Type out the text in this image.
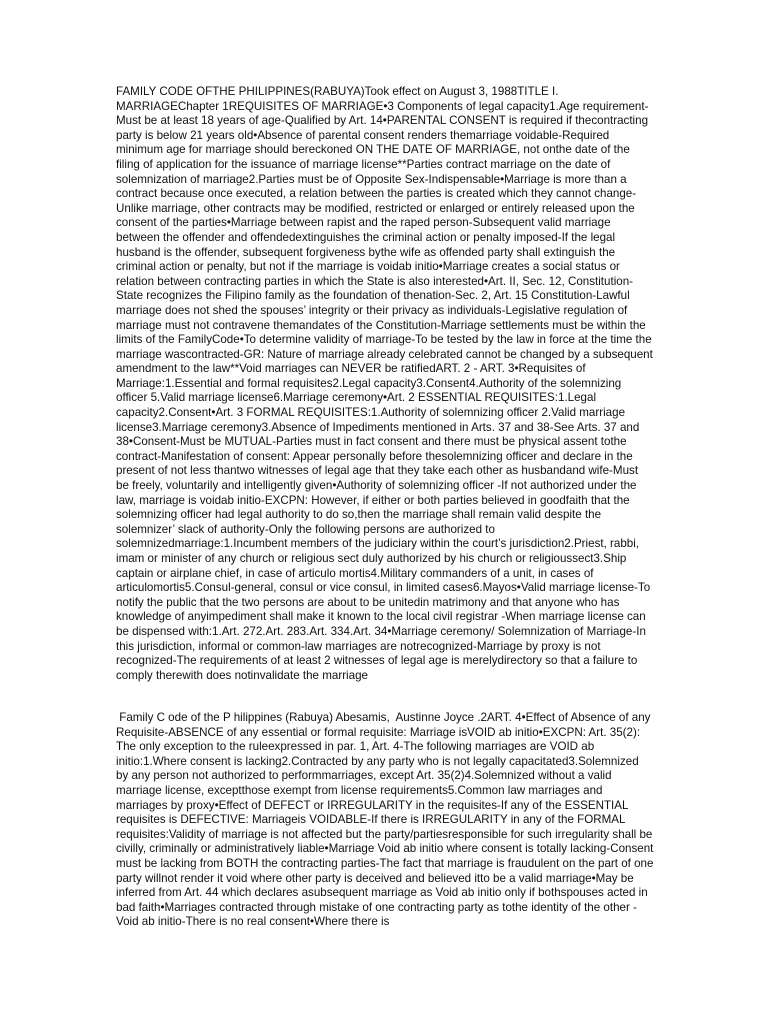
FAMILY CODE OFTHE PHILIPPINES(RABUYA)Took effect on August 3, 1988TITLE I. MARRIAGEChapter 1REQUISITES OF MARRIAGE•3 Components of legal capacity1.Age requirement-Must be at least 18 years of age-Qualified by Art. 14•PARENTAL CONSENT is required if thecontracting party is below 21 years old•Absence of parental consent renders themarriage voidable-Required minimum age for marriage should bereckoned ON THE DATE OF MARRIAGE, not onthe date of the filing of application for the issuance of marriage license**Parties contract marriage on the date of solemnization of marriage2.Parties must be of Opposite Sex-Indispensable•Marriage is more than a contract because once executed, a relation between the parties is created which they cannot change-Unlike marriage, other contracts may be modified, restricted or enlarged or entirely released upon the consent of the parties•Marriage between rapist and the raped person-Subsequent valid marriage between the offender and offendedextinguishes the criminal action or penalty imposed-If the legal husband is the offender, subsequent forgiveness bythe wife as offended party shall extinguish the criminal action or penalty, but not if the marriage is voidab initio•Marriage creates a social status or relation between contracting parties in which the State is also interested•Art. II, Sec. 12, Constitution-State recognizes the Filipino family as the foundation of thenation-Sec. 2, Art. 15 Constitution-Lawful marriage does not shed the spouses’ integrity or their privacy as individuals-Legislative regulation of marriage must not contravene themandates of the Constitution-Marriage settlements must be within the limits of the FamilyCode•To determine validity of marriage-To be tested by the law in force at the time the marriage wascontracted-GR: Nature of marriage already celebrated cannot be changed by a subsequent amendment to the law**Void marriages can NEVER be ratifiedART. 2 - ART. 3•Requisites of Marriage:1.Essential and formal requisites2.Legal capacity3.Consent4.Authority of the solemnizing officer 5.Valid marriage license6.Marriage ceremony•Art. 2 ESSENTIAL REQUISITES:1.Legal capacity2.Consent•Art. 3 FORMAL REQUISITES:1.Authority of solemnizing officer 2.Valid marriage license3.Marriage ceremony3.Absence of Impediments mentioned in Arts. 37 and 38-See Arts. 37 and 38•Consent-Must be MUTUAL-Parties must in fact consent and there must be physical assent tothe contract-Manifestation of consent: Appear personally before thesolemnizing officer and declare in the present of not less thantwo witnesses of legal age that they take each other as husbandand wife-Must be freely, voluntarily and intelligently given•Authority of solemnizing officer -If not authorized under the law, marriage is voidab initio-EXCPN: However, if either or both parties believed in goodfaith that the solemnizing officer had legal authority to do so,then the marriage shall remain valid despite the solemnizer’ slack of authority-Only the following persons are authorized to solemnizedmarriage:1.Incumbent members of the judiciary within the court’s jurisdiction2.Priest, rabbi, imam or minister of any church or religious sect duly authorized by his church or religioussect3.Ship captain or airplane chief, in case of articulo mortis4.Military commanders of a unit, in cases of articulomortis5.Consul-general, consul or vice consul, in limited cases6.Mayos•Valid marriage license-To notify the public that the two persons are about to be unitedin matrimony and that anyone who has knowledge of anyimpediment shall make it known to the local civil registrar -When marriage license can be dispensed with:1.Art. 272.Art. 283.Art. 334.Art. 34•Marriage ceremony/ Solemnization of Marriage-In this jurisdiction, informal or common-law marriages are notrecognized-Marriage by proxy is not recognized-The requirements of at least 2 witnesses of legal age is merelydirectory so that a failure to comply therewith does notinvalidate the marriage

Family C ode of the P hilippines (Rabuya) Abesamis,  Austinne Joyce .2ART. 4•Effect of Absence of any Requisite-ABSENCE of any essential or formal requisite: Marriage isVOID ab initio•EXCPN: Art. 35(2): The only exception to the ruleexpressed in par. 1, Art. 4-The following marriages are VOID ab initio:1.Where consent is lacking2.Contracted by any party who is not legally capacitated3.Solemnized by any person not authorized to performmarriages, except Art. 35(2)4.Solemnized without a valid marriage license, exceptthose exempt from license requirements5.Common law marriages and marriages by proxy•Effect of DEFECT or IRREGULARITY in the requisites-If any of the ESSENTIAL requisites is DEFECTIVE: Marriageis VOIDABLE-If there is IRREGULARITY in any of the FORMAL requisites:Validity of marriage is not affected but the party/partiesresponsible for such irregularity shall be civilly, criminally or administratively liable•Marriage Void ab initio where consent is totally lacking-Consent must be lacking from BOTH the contracting parties-The fact that marriage is fraudulent on the part of one party willnot render it void where other party is deceived and believed itto be a valid marriage•May be inferred from Art. 44 which declares asubsequent marriage as Void ab initio only if bothspouses acted in bad faith•Marriages contracted through mistake of one contracting party as tothe identity of the other -Void ab initio-There is no real consent•Where there is
